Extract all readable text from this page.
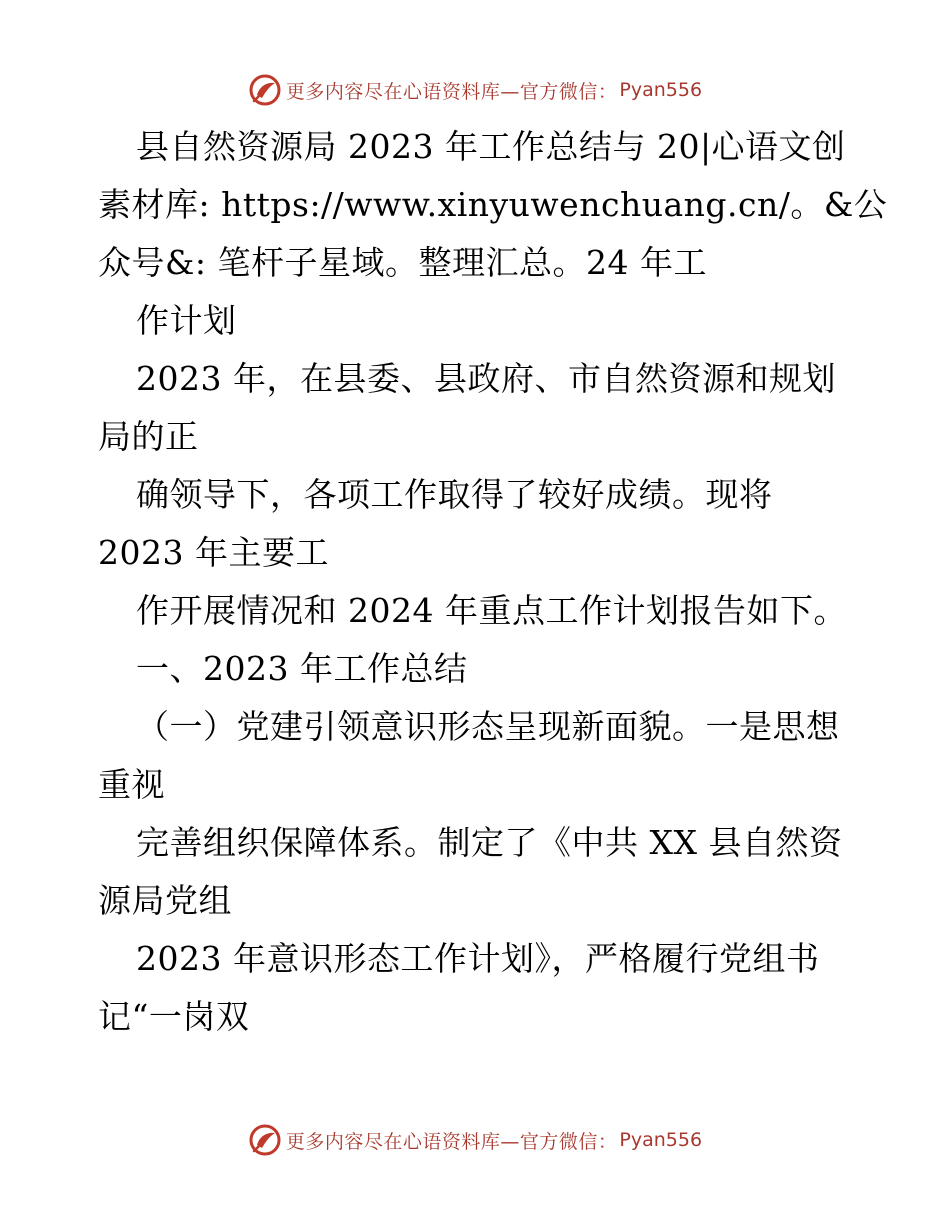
更多内容尽在心语资料库—官方微信： Pyan556
县自然资源局 2023 年工作总结与 20|心语文创
素材库: https://www.xinyuwenchuang.cn/。&公
众号&: 笔杆子星域。整理汇总。24 年工
作计划
2023 年，在县委、县政府、市自然资源和规划
局的正
确领导下，各项工作取得了较好成绩。现将
2023 年主要工
作开展情况和 2024 年重点工作计划报告如下。
一、2023 年工作总结
（一）党建引领意识形态呈现新面貌。一是思想
重视
完善组织保障体系。制定了《中共 XX 县自然资
源局党组
2023 年意识形态工作计划》，严格履行党组书
记“一岗双
更多内容尽在心语资料库—官方微信： Pyan556
